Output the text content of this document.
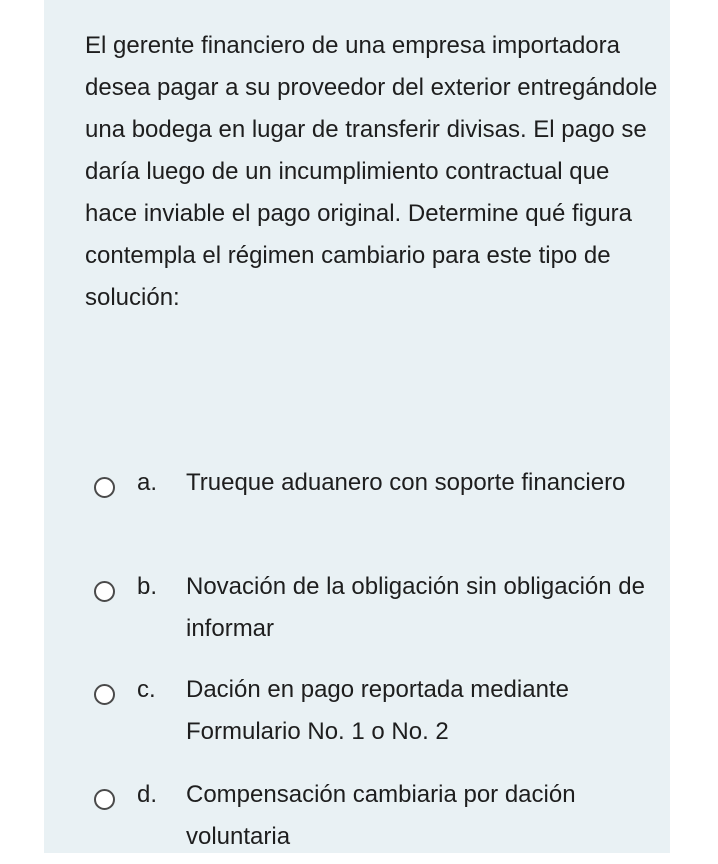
El gerente financiero de una empresa importadora desea pagar a su proveedor del exterior entregándole una bodega en lugar de transferir divisas. El pago se daría luego de un incumplimiento contractual que hace inviable el pago original. Determine qué figura contempla el régimen cambiario para este tipo de solución:

a. Trueque aduanero con soporte financiero
b. Novación de la obligación sin obligación de informar
c. Dación en pago reportada mediante Formulario No. 1 o No. 2
d. Compensación cambiaria por dación voluntaria
